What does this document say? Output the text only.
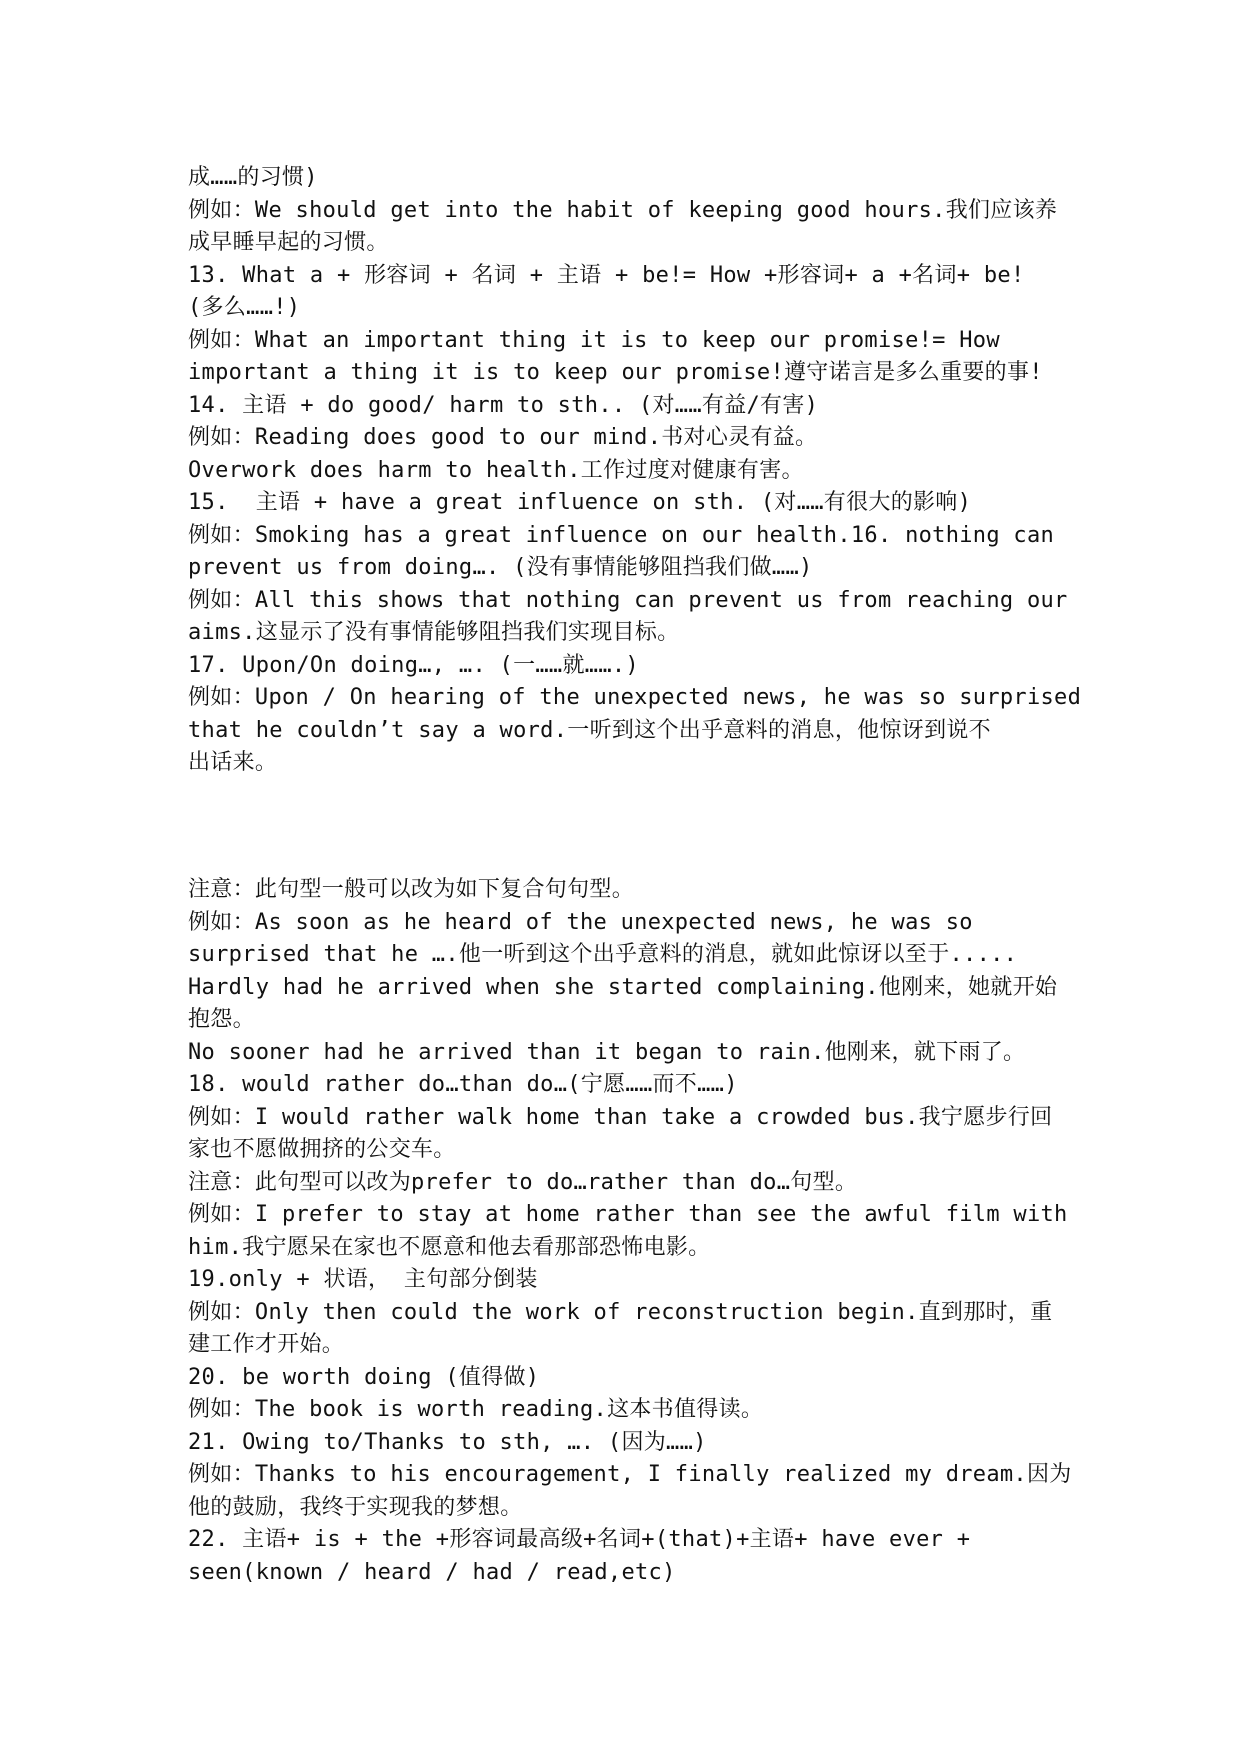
成……的习惯)
例如：We should get into the habit of keeping good hours.我们应该养
成早睡早起的习惯。
13. What a + 形容词 + 名词 + 主语 + be!= How +形容词+ a +名词+ be!
(多么……!)
例如：What an important thing it is to keep our promise!= How
important a thing it is to keep our promise!遵守诺言是多么重要的事!
14. 主语 + do good/ harm to sth.. (对……有益/有害)
例如：Reading does good to our mind.书对心灵有益。
Overwork does harm to health.工作过度对健康有害。
15.  主语 + have a great influence on sth. (对……有很大的影响)
例如：Smoking has a great influence on our health.16. nothing can
prevent us from doing…. (没有事情能够阻挡我们做……)
例如：All this shows that nothing can prevent us from reaching our
aims.这显示了没有事情能够阻挡我们实现目标。
17. Upon/On doing…, …. (一……就…….)
例如：Upon / On hearing of the unexpected news, he was so surprised
that he couldn’t say a word.一听到这个出乎意料的消息，他惊讶到说不
出话来。
注意：此句型一般可以改为如下复合句句型。
例如：As soon as he heard of the unexpected news, he was so
surprised that he ….他一听到这个出乎意料的消息，就如此惊讶以至于.....
Hardly had he arrived when she started complaining.他刚来，她就开始
抱怨。
No sooner had he arrived than it began to rain.他刚来，就下雨了。
18. would rather do…than do…(宁愿……而不……)
例如：I would rather walk home than take a crowded bus.我宁愿步行回
家也不愿做拥挤的公交车。
注意：此句型可以改为prefer to do…rather than do…句型。
例如：I prefer to stay at home rather than see the awful film with
him.我宁愿呆在家也不愿意和他去看那部恐怖电影。
19.only + 状语， 主句部分倒装
例如：Only then could the work of reconstruction begin.直到那时，重
建工作才开始。
20. be worth doing (值得做)
例如：The book is worth reading.这本书值得读。
21. Owing to/Thanks to sth, …. (因为……)
例如：Thanks to his encouragement, I finally realized my dream.因为
他的鼓励，我终于实现我的梦想。
22. 主语+ is + the +形容词最高级+名词+(that)+主语+ have ever +
seen(known / heard / had / read,etc)
